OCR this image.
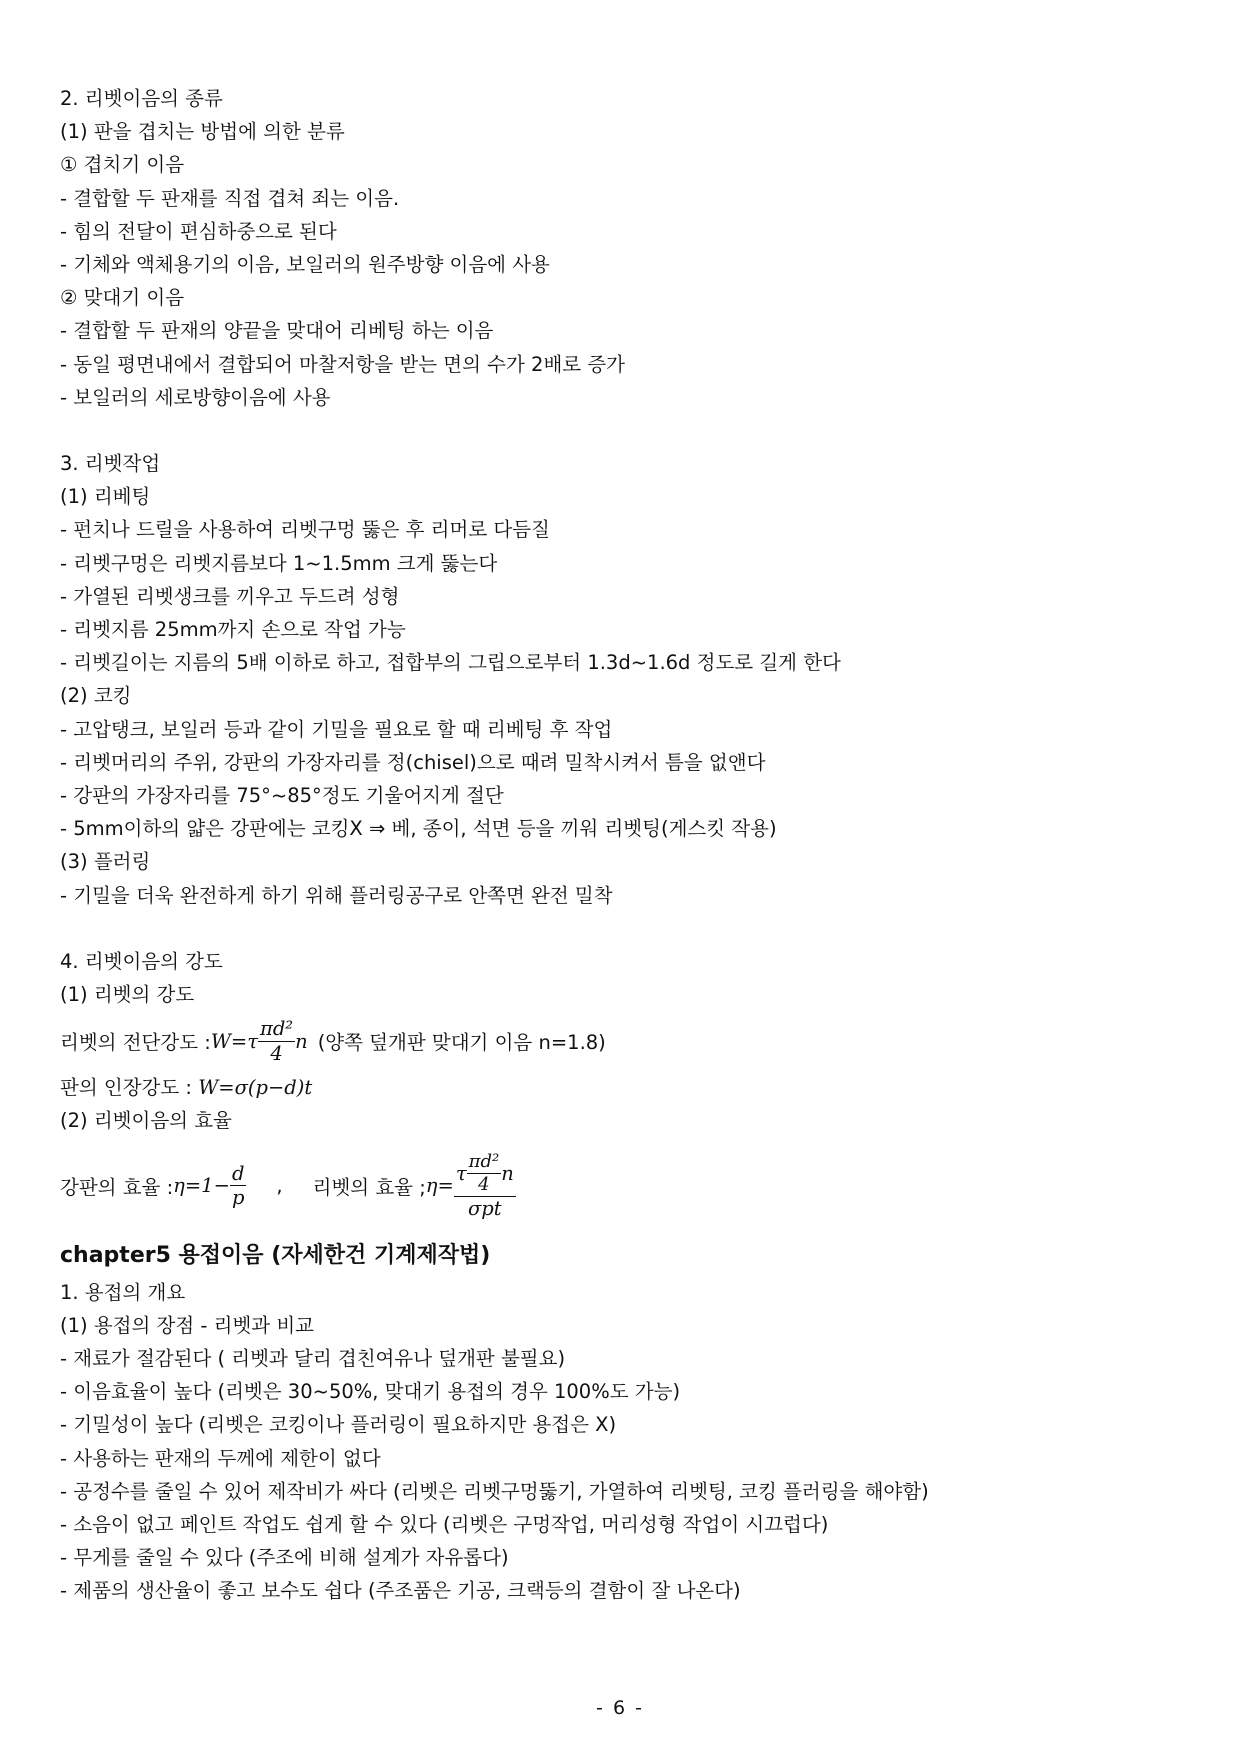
2. 리벳이음의 종류
(1) 판을 겹치는 방법에 의한 분류
① 겹치기 이음
- 결합할 두 판재를 직접 겹쳐 죄는 이음.
- 힘의 전달이 편심하중으로 된다
- 기체와 액체용기의 이음, 보일러의 원주방향 이음에 사용
② 맞대기 이음
- 결합할 두 판재의 양끝을 맞대어 리베팅 하는 이음
- 동일 평면내에서 결합되어 마찰저항을 받는 면의 수가 2배로 증가
- 보일러의 세로방향이음에 사용
3. 리벳작업
(1) 리베팅
- 펀치나 드릴을 사용하여 리벳구멍 뚫은 후 리머로 다듬질
- 리벳구멍은 리벳지름보다 1~1.5mm 크게 뚫는다
- 가열된 리벳생크를 끼우고 두드려 성형
- 리벳지름 25mm까지 손으로 작업 가능
- 리벳길이는 지름의 5배 이하로 하고, 접합부의 그립으로부터 1.3d~1.6d 정도로 길게 한다
(2) 코킹
- 고압탱크, 보일러 등과 같이 기밀을 필요로 할 때 리베팅 후 작업
- 리벳머리의 주위, 강판의 가장자리를 정(chisel)으로 때려 밀착시켜서 틈을 없앤다
- 강판의 가장자리를 75°~85°정도 기울어지게 절단
- 5mm이하의 얇은 강판에는 코킹X ⇒ 베, 종이, 석면 등을 끼워 리벳팅(게스킷 작용)
(3) 플러링
- 기밀을 더욱 완전하게 하기 위해 플러링공구로 안쪽면 완전 밀착
4. 리벳이음의 강도
(1) 리벳의 강도
리벳의 전단강도 : $W=\tau \frac{\text{πd²}}{4}$ n (양쪽 덮개판 맞대기 이음 n=1.8)
판의 인장강도 : W=σ(p−d)t
(2) 리벳이음의 효율
강판의 효율 : $\eta=1- \frac{d}{p}$ , 리벳의 효율 ; η=
τ $\frac{\text{πd²}}{4}$ n
σpt
chapter5 용접이음 (자세한건 기계제작법)
1. 용접의 개요
(1) 용접의 장점 - 리벳과 비교
- 재료가 절감된다 ( 리벳과 달리 겹친여유나 덮개판 불필요)
- 이음효율이 높다 (리벳은 30~50%, 맞대기 용접의 경우 100%도 가능)
- 기밀성이 높다 (리벳은 코킹이나 플러링이 필요하지만 용접은 X)
- 사용하는 판재의 두께에 제한이 없다
- 공정수를 줄일 수 있어 제작비가 싸다 (리벳은 리벳구멍뚫기, 가열하여 리벳팅, 코킹 플러링을 해야함)
- 소음이 없고 페인트 작업도 쉽게 할 수 있다 (리벳은 구멍작업, 머리성형 작업이 시끄럽다)
- 무게를 줄일 수 있다 (주조에 비해 설계가 자유롭다)
- 제품의 생산율이 좋고 보수도 쉽다 (주조품은 기공, 크랙등의 결함이 잘 나온다)
- 6 -
